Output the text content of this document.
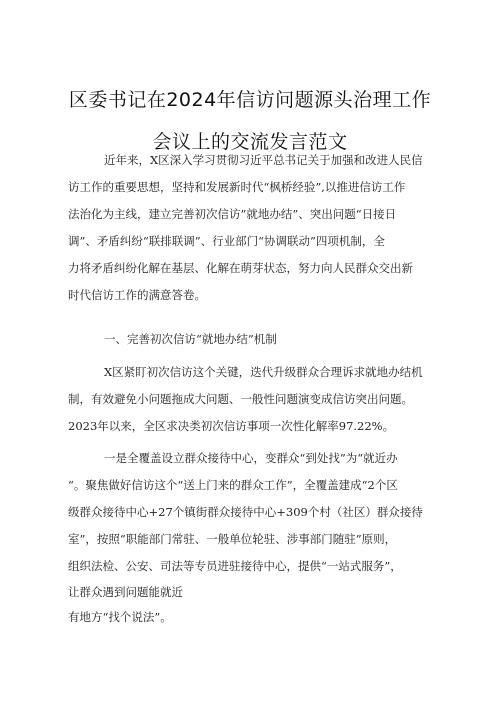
区委书记在2024年信访问题源头治理工作
会议上的交流发言范文
近年来，X区深入学习贯彻习近平总书记关于加强和改进人民信
访工作的重要思想，坚持和发展新时代“枫桥经验”,以推进信访工作
法治化为主线，建立完善初次信访”就地办结”、突出问题“日接日
调”、矛盾纠纷“联排联调”、行业部门“协调联动”四项机制，全
力将矛盾纠纷化解在基层、化解在萌芽状态，努力向人民群众交出新
时代信访工作的满意答卷。
一、完善初次信访“就地办结”机制
X区紧盯初次信访这个关键，迭代升级群众合理诉求就地办结机
制，有效避免小问题拖成大问题、一般性问题演变成信访突出问题。
2023年以来，全区求决类初次信访事项一次性化解率97.22%。
一是全覆盖设立群众接待中心，变群众“到处找”为“就近办
“。聚焦做好信访这个“送上门来的群众工作”，全覆盖建成“2个区
级群众接待中心+27个镇街群众接待中心+309个村（社区）群众接待
室”，按照“职能部门常驻、一般单位轮驻、涉事部门随驻”原则，
组织法检、公安、司法等专员进驻接待中心，提供“一站式服务”，
让群众遇到问题能就近
有地方“找个说法”。
